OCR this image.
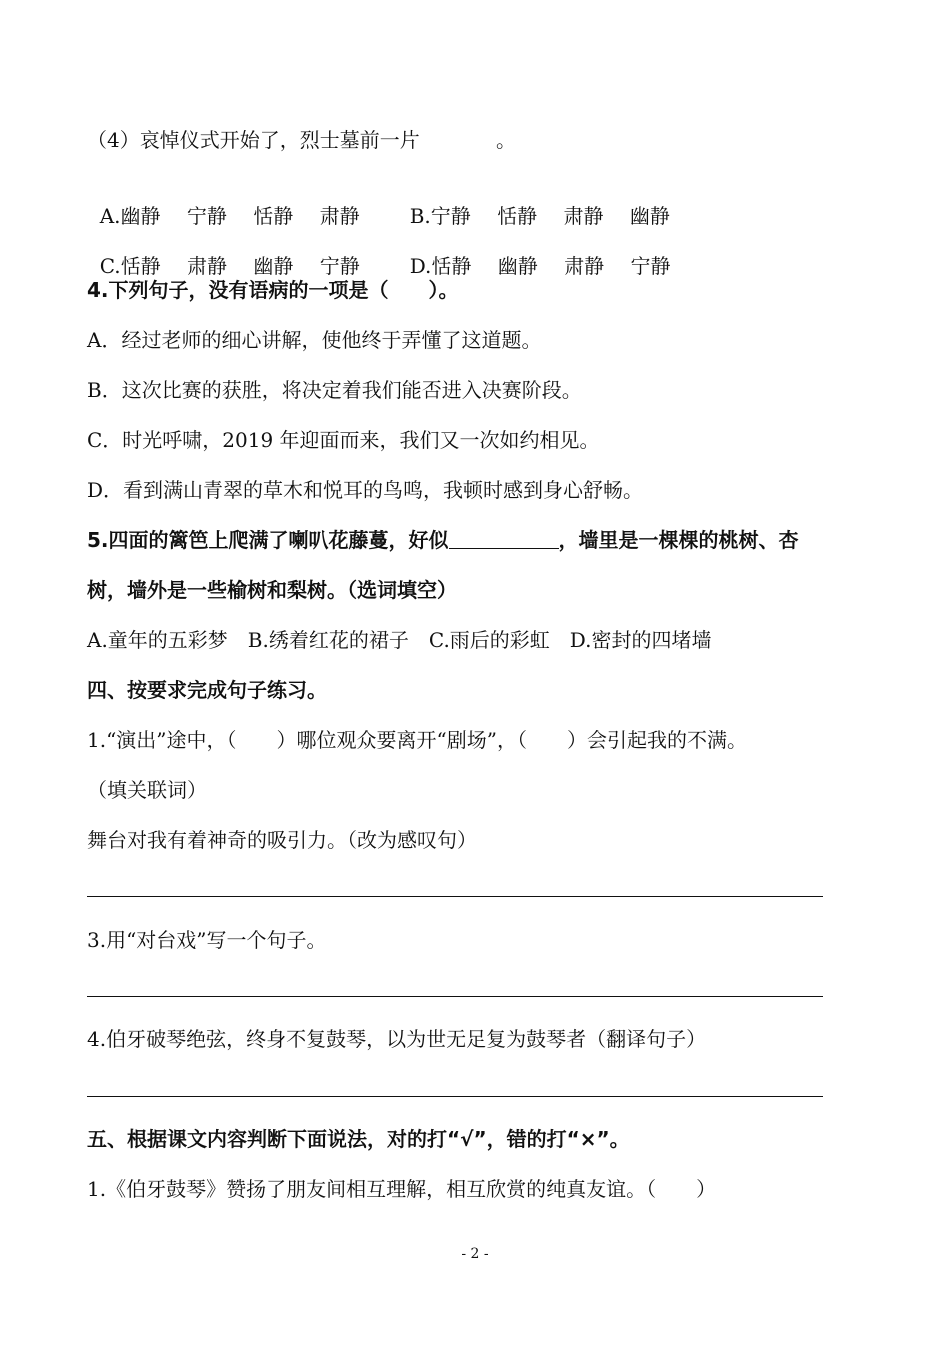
（4）哀悼仪式开始了，烈士墓前一片            。

A.幽静　 宁静　 恬静　 肃静	B.宁静　 恬静　 肃静　 幽静

C.恬静　 肃静　 幽静　 宁静 D.恬静　 幽静　 肃静　 宁静

4.下列句子，没有语病的一项是（　　）。
A．经过老师的细心讲解，使他终于弄懂了这道题。
B．这次比赛的获胜，将决定着我们能否进入决赛阶段。
C．时光呼啸，2019 年迎面而来，我们又一次如约相见。
D．看到满山青翠的草木和悦耳的鸟鸣，我顿时感到身心舒畅。
5.四面的篱笆上爬满了喇叭花藤蔓，好似	，墙里是一棵棵的桃树、杏
树，墙外是一些榆树和梨树。（选词填空）
A.童年的五彩梦　B.绣着红花的裙子　C.雨后的彩虹　D.密封的四堵墙
四、按要求完成句子练习。
1.“演出”途中，（　　）哪位观众要离开“剧场”，（　　）会引起我的不满。
（填关联词）
舞台对我有着神奇的吸引力。（改为感叹句）
3.用“对台戏”写一个句子。
4.伯牙破琴绝弦，终身不复鼓琴，以为世无足复为鼓琴者（翻译句子）
五、根据课文内容判断下面说法，对的打“√”，错的打“×”。
1.《伯牙鼓琴》赞扬了朋友间相互理解，相互欣赏的纯真友谊。（　　）
- 2 -
